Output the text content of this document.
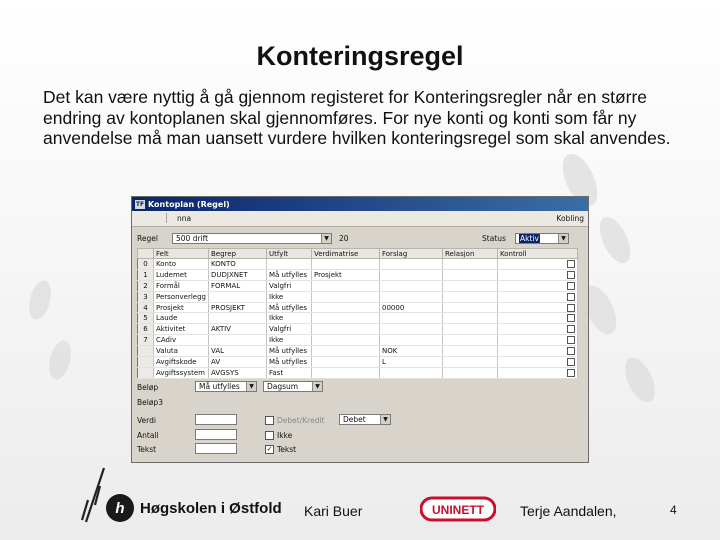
Konteringsregel
Det kan være nyttig å gå gjennom registeret for Konteringsregler når en større endring av kontoplanen skal gjennomføres. For nye konti og konti som får ny anvendelse må man uansett vurdere hvilken konteringsregel som skal anvendes.
TF Kontoplan (Regel)
nna	Kobling
Regel	500 drift	▼ 20	Status	Aktiv	▼
	Felt	Begrep	Utfylt	Verdimatrise	Forslag	Relasjon	Kontroll
0	Konto	KONTO					
1	Ludemet	DUDJXNET	Må utfylles	Prosjekt			
2	Formål	FORMAL	Valgfri				
3	Personverlegg		Ikke				
4	Prosjekt	PROSJEKT	Må utfylles		00000		
5	Laude		Ikke				
6	Aktivitet	AKTIV	Valgfri				
7	CAdiv		Ikke				
	Valuta	VAL	Må utfylles		NOK		
	Avgiftskode	AV	Må utfylles		L		
	Avgiftssystem	AVGSYS	Fast				
Beløp	Må utfylles	▼	Dagsum	▼
Beløp3
Verdi	Debet/Kredit	Debet	▼
Antall	Ikke
Tekst	✓ Tekst
h	Høgskolen i Østfold Kari Buer	UNINETT	Terje Aandalen,	4
